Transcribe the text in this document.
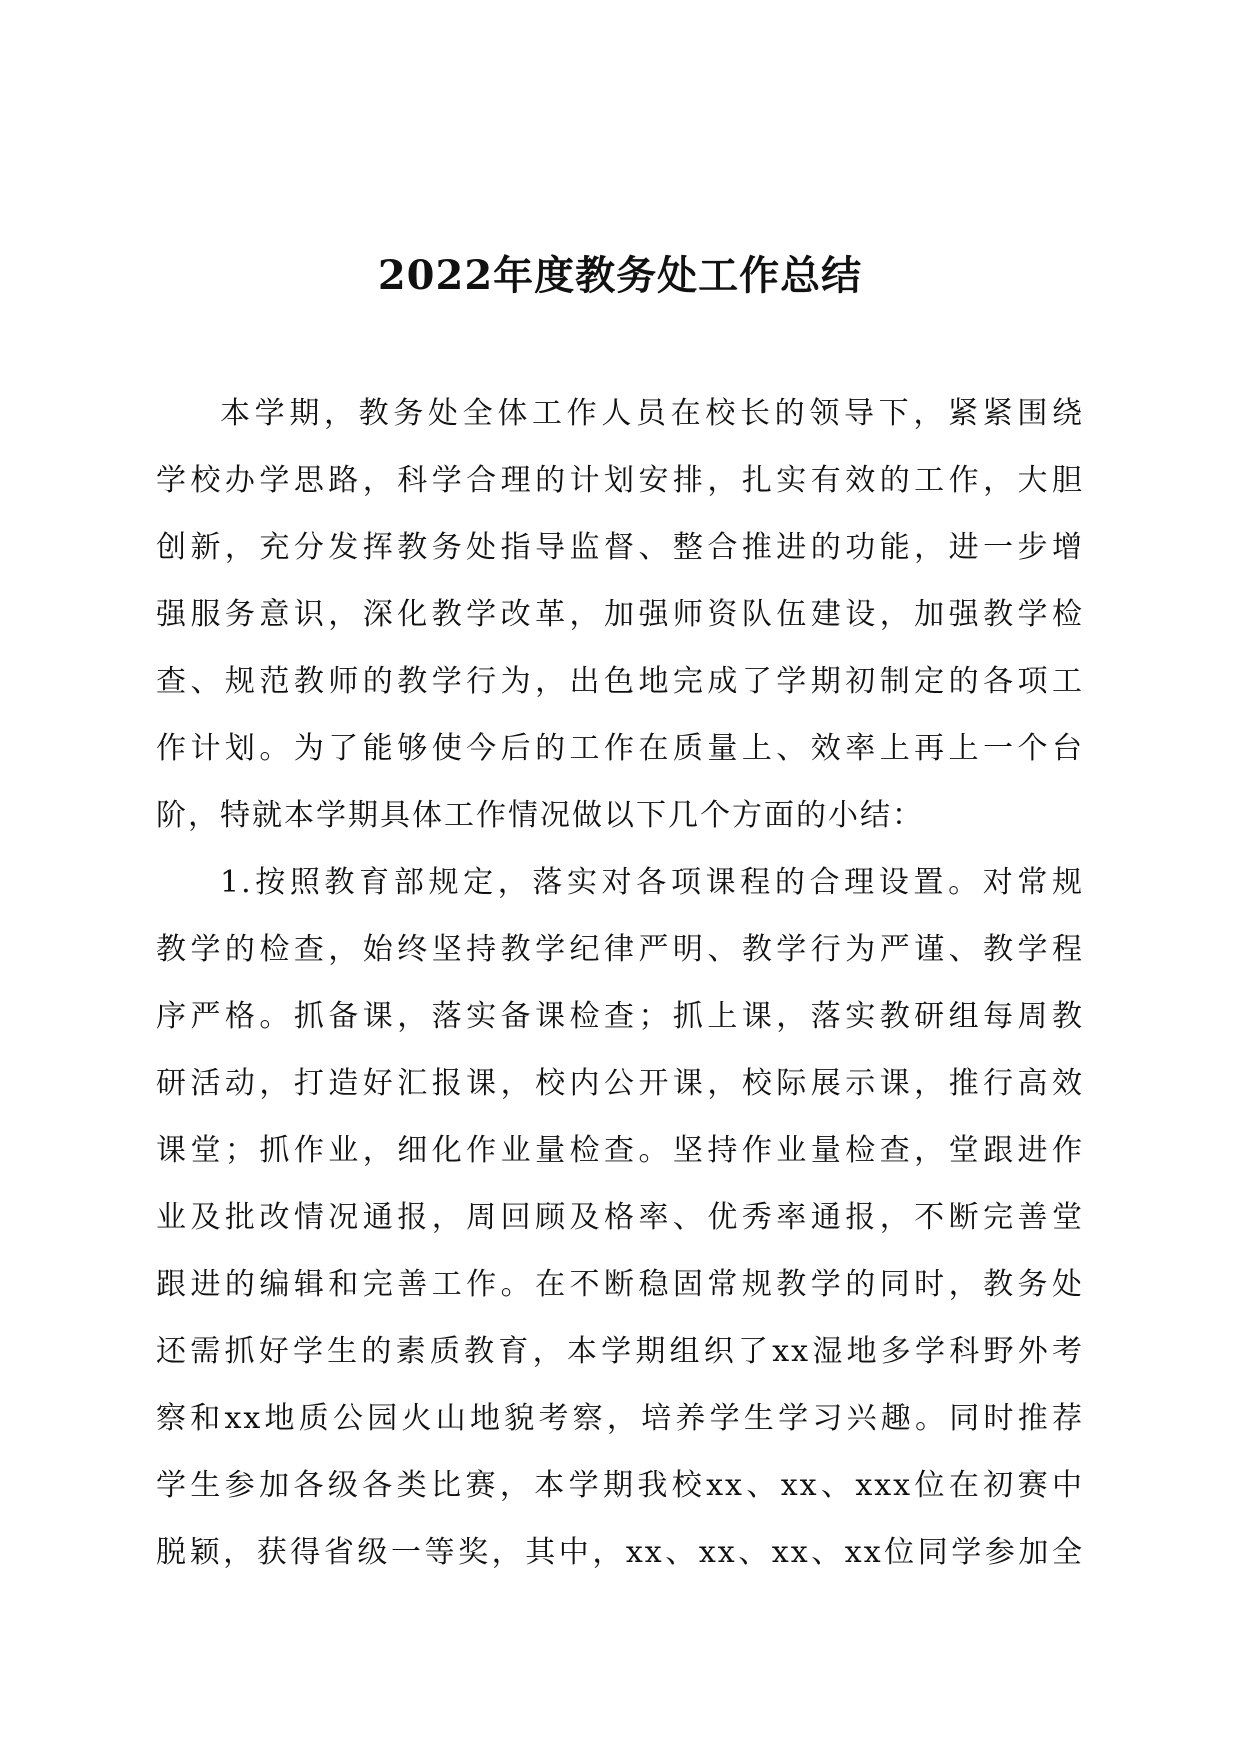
2022年度教务处工作总结
本学期，教务处全体工作人员在校长的领导下，紧紧围绕
学校办学思路，科学合理的计划安排，扎实有效的工作，大胆
创新，充分发挥教务处指导监督、整合推进的功能，进一步增
强服务意识，深化教学改革，加强师资队伍建设，加强教学检
查、规范教师的教学行为，出色地完成了学期初制定的各项工
作计划。为了能够使今后的工作在质量上、效率上再上一个台
阶，特就本学期具体工作情况做以下几个方面的小结：
1.按照教育部规定，落实对各项课程的合理设置。对常规
教学的检查，始终坚持教学纪律严明、教学行为严谨、教学程
序严格。抓备课，落实备课检查；抓上课，落实教研组每周教
研活动，打造好汇报课，校内公开课，校际展示课，推行高效
课堂；抓作业，细化作业量检查。坚持作业量检查，堂跟进作
业及批改情况通报，周回顾及格率、优秀率通报，不断完善堂
跟进的编辑和完善工作。在不断稳固常规教学的同时，教务处
还需抓好学生的素质教育，本学期组织了xx湿地多学科野外考
察和xx地质公园火山地貌考察，培养学生学习兴趣。同时推荐
学生参加各级各类比赛，本学期我校xx、xx、xxx位在初赛中
脱颖，获得省级一等奖，其中，xx、xx、xx、xx位同学参加全
